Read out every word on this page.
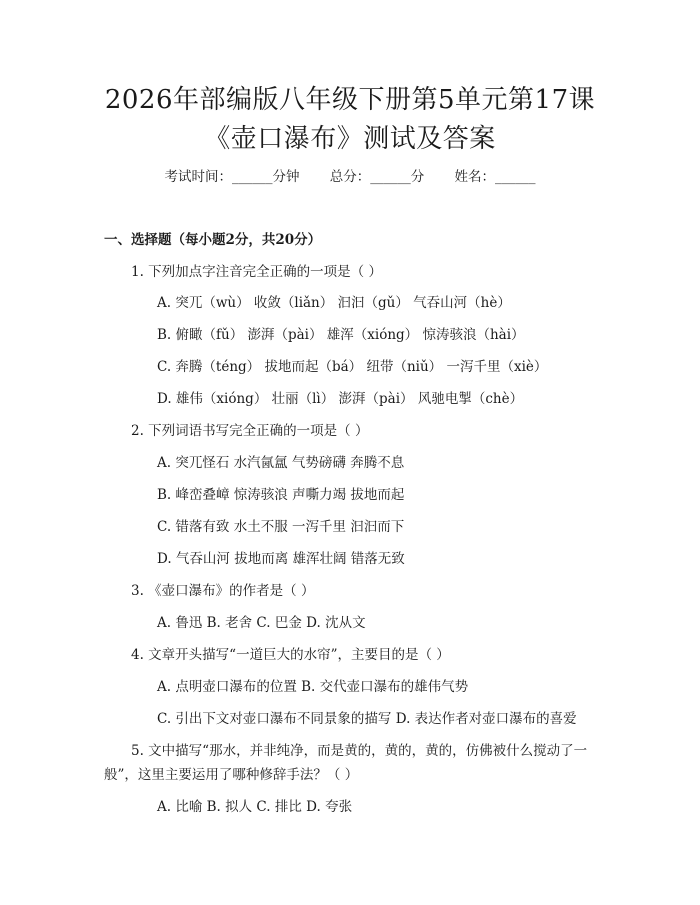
2026年部编版八年级下册第5单元第17课
《壶口瀑布》测试及答案
考试时间：______分钟 总分：______分 姓名：______
一、选择题（每小题2分，共20分）
1. 下列加点字注音完全正确的一项是（ ）
A. 突兀（wù） 收敛（liǎn） 汩汩（gǔ） 气吞山河（hè）
B. 俯瞰（fǔ） 澎湃（pài） 雄浑（xióng） 惊涛骇浪（hài）
C. 奔腾（téng） 拔地而起（bá） 纽带（niǔ） 一泻千里（xiè）
D. 雄伟（xióng） 壮丽（lì） 澎湃（pài） 风驰电掣（chè）
2. 下列词语书写完全正确的一项是（ ）
A. 突兀怪石 水汽氤氲 气势磅礴 奔腾不息
B. 峰峦叠嶂 惊涛骇浪 声嘶力竭 拔地而起
C. 错落有致 水土不服 一泻千里 汩汩而下
D. 气吞山河 拔地而离 雄浑壮阔 错落无致
3. 《壶口瀑布》的作者是（ ）
A. 鲁迅 B. 老舍 C. 巴金 D. 沈从文
4. 文章开头描写“一道巨大的水帘”，主要目的是（ ）
A. 点明壶口瀑布的位置 B. 交代壶口瀑布的雄伟气势
C. 引出下文对壶口瀑布不同景象的描写 D. 表达作者对壶口瀑布的喜爱
5. 文中描写“那水，并非纯净，而是黄的，黄的，黄的，仿佛被什么搅动了一般”，这里主要运用了哪种修辞手法？（ ）
A. 比喻 B. 拟人 C. 排比 D. 夸张
